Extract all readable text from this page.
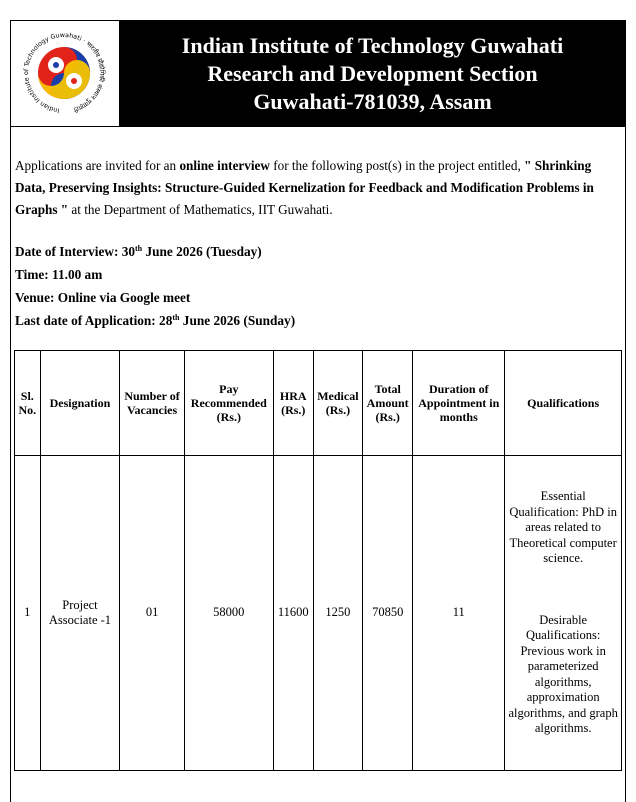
Indian Institute of Technology Guwahati · भारतीय प्रौद्योगिकी संस्थान गुवाहाटी
Indian Institute of Technology Guwahati
Research and Development Section
Guwahati-781039, Assam

Applications are invited for an online interview for the following post(s) in the project entitled, " Shrinking Data, Preserving Insights: Structure-Guided Kernelization for Feedback and Modification Problems in Graphs " at the Department of Mathematics, IIT Guwahati.

Date of Interview: 30th June 2026 (Tuesday)
Time: 11.00 am
Venue: Online via Google meet
Last date of Application: 28th June 2026 (Sunday)
Sl. No.	Designation	Number of Vacancies	Pay Recommended (Rs.)	HRA (Rs.)	Medical (Rs.)	Total Amount (Rs.)	Duration of Appointment in months	Qualifications
1	Project Associate -1	01	58000	11600	1250	70850	11	Essential Qualification: PhD in areas related to Theoretical computer science.

Desirable Qualifications: Previous work in parameterized algorithms, approximation algorithms, and graph algorithms.
